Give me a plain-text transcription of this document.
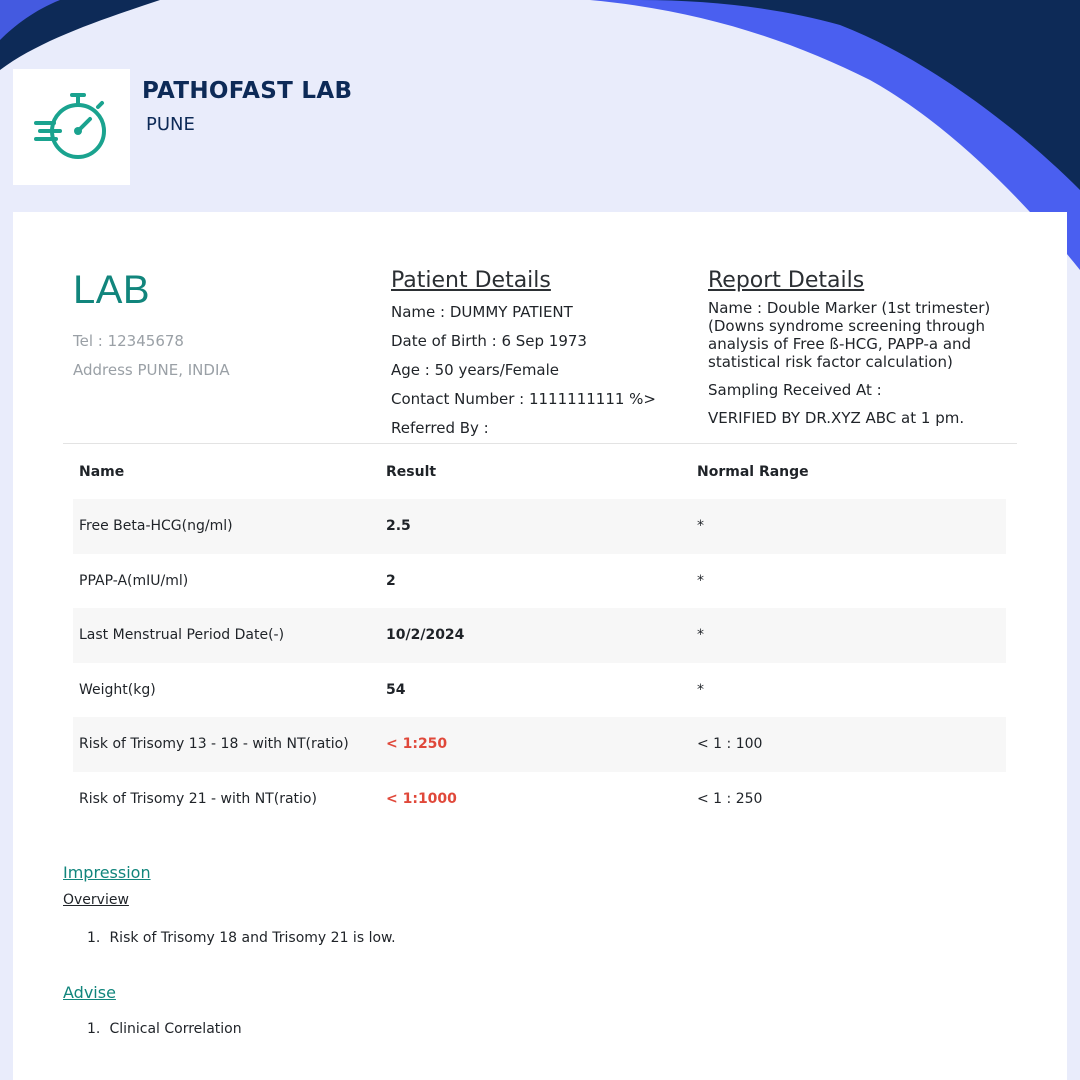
PATHOFAST LAB
PUNE
LAB
Tel : 12345678
Address PUNE, INDIA
Patient Details
Name : DUMMY PATIENT
Date of Birth : 6 Sep 1973
Age : 50 years/Female
Contact Number : 1111111111 %>
Referred By :
Report Details
Name : Double Marker (1st trimester)
(Downs syndrome screening through
analysis of Free ß-HCG, PAPP-a and
statistical risk factor calculation)
Sampling Received At :
VERIFIED BY DR.XYZ ABC at 1 pm.
Name	Result	Normal Range
Free Beta-HCG(ng/ml)	2.5	*
PPAP-A(mIU/ml)	2	*
Last Menstrual Period Date(-)	10/2/2024	*
Weight(kg)	54	*
Risk of Trisomy 13 - 18 - with NT(ratio)	< 1:250	< 1 : 100
Risk of Trisomy 21 - with NT(ratio)	< 1:1000	< 1 : 250
Impression
Overview
1. Risk of Trisomy 18 and Trisomy 21 is low.
Advise
1. Clinical Correlation
